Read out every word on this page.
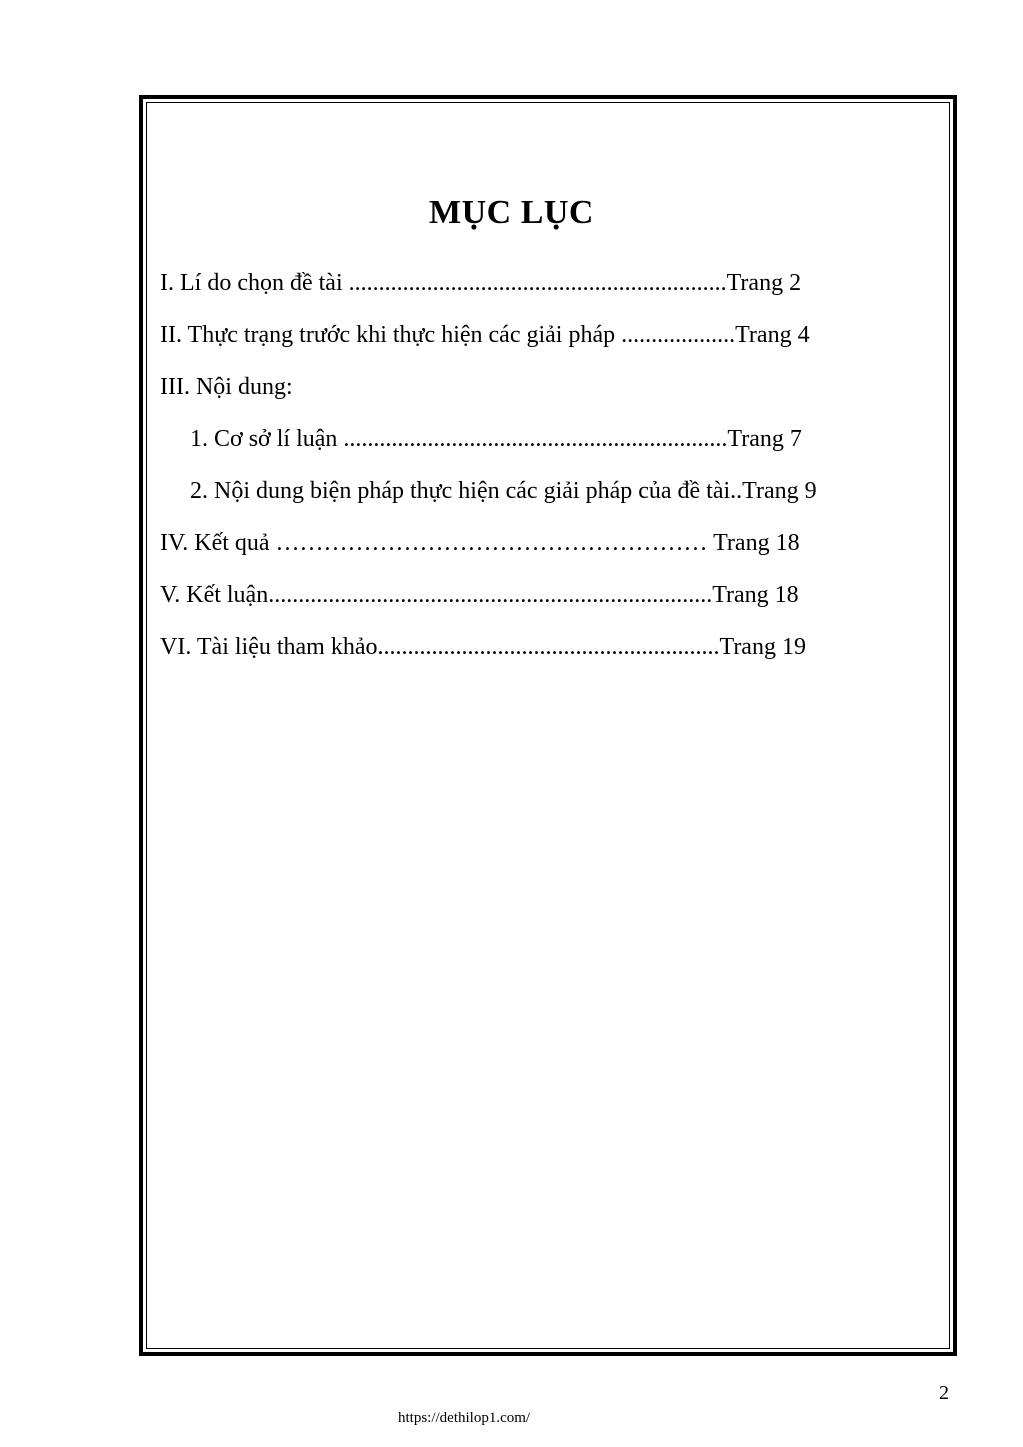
MỤC LỤC
I. Lí do chọn đề tài ...............................................................Trang 2
II. Thực trạng trước khi thực hiện các giải pháp ...................Trang 4
III. Nội dung:
1. Cơ sở lí luận ................................................................Trang 7
2. Nội dung biện pháp thực hiện các giải pháp của đề tài..Trang 9
IV. Kết quả ……………………………………………… Trang 18
V. Kết luận..........................................................................Trang 18
VI. Tài liệu tham khảo.........................................................Trang 19
2
https://dethilop1.com/
